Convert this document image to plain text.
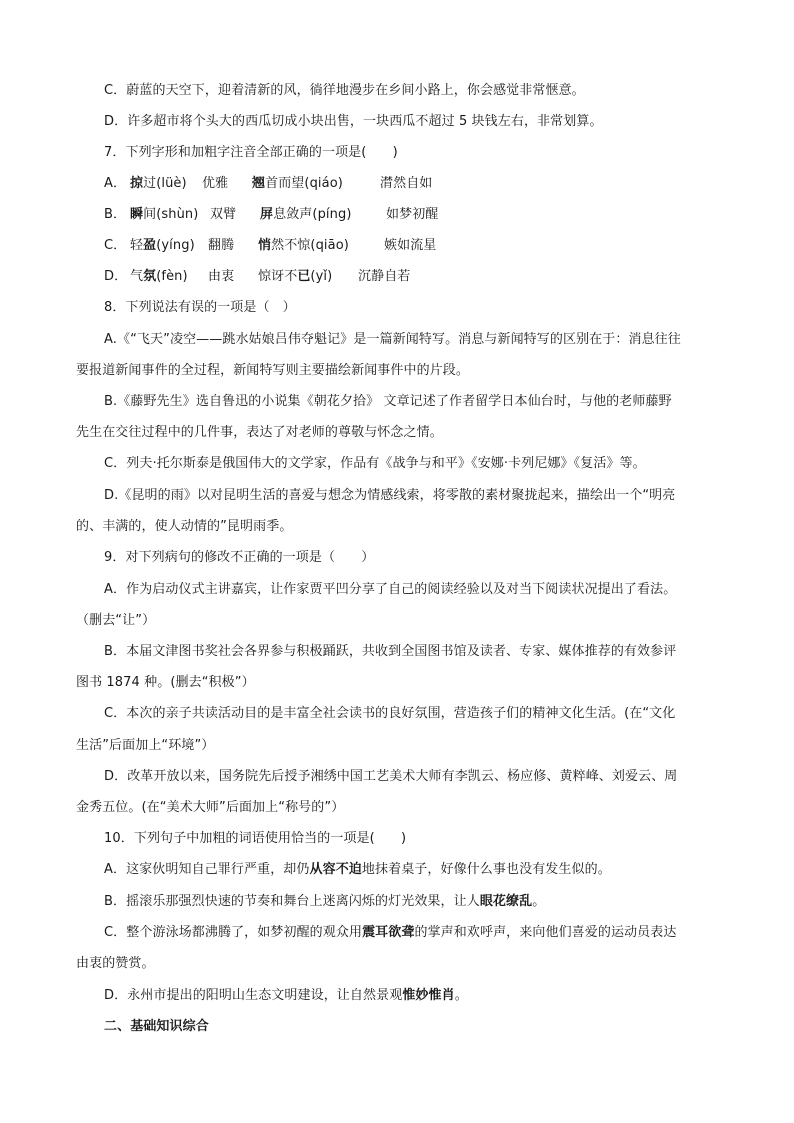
C．蔚蓝的天空下，迎着清新的风，徜徉地漫步在乡间小路上，你会感觉非常惬意。
D．许多超市将个头大的西瓜切成小块出售，一块西瓜不超过 5 块钱左右，非常划算。
7．下列字形和加粗字注音全部正确的一项是(　　)
A． 掠过(lüè) 优雅 翘首而望(qiáo)	潸然自如
B． 瞬间(shùn) 双臂 屏息敛声(píng)	如梦初醒
C． 轻盈(yíng) 翻腾 悄然不惊(qiāo)	嫉如流星
D． 气氛(fèn) 由衷 惊讶不已(yǐ) 沉静自若
8．下列说法有误的一项是（　）
A.《“飞天”凌空——跳水姑娘吕伟夺魁记》是一篇新闻特写。消息与新闻特写的区别在于：消息往往
要报道新闻事件的全过程，新闻特写则主要描绘新闻事件中的片段。
B.《藤野先生》选自鲁迅的小说集《朝花夕拾》 文章记述了作者留学日本仙台时，与他的老师藤野
先生在交往过程中的几件事，表达了对老师的尊敬与怀念之情。
C．列夫·托尔斯泰是俄国伟大的文学家，作品有《战争与和平》《安娜·卡列尼娜》《复活》等。
D.《昆明的雨》以对昆明生活的喜爱与想念为情感线索，将零散的素材聚拢起来，描绘出一个“明亮
的、丰满的，使人动情的”昆明雨季。
9．对下列病句的修改不正确的一项是（　　）
A．作为启动仪式主讲嘉宾，让作家贾平凹分享了自己的阅读经验以及对当下阅读状况提出了看法。
（删去“让”）
B．本届文津图书奖社会各界参与积极踊跃，共收到全国图书馆及读者、专家、媒体推荐的有效参评
图书 1874 种。(删去“积极”）
C．本次的亲子共读活动目的是丰富全社会读书的良好氛围，营造孩子们的精神文化生活。(在“文化
生活”后面加上“环境”）
D．改革开放以来，国务院先后授予湘绣中国工艺美术大师有李凯云、杨应修、黄粹峰、刘爱云、周
金秀五位。(在“美术大师”后面加上“称号的”）
10．下列句子中加粗的词语使用恰当的一项是(　　)
A．这家伙明知自己罪行严重，却仍从容不迫地抹着桌子，好像什么事也没有发生似的。
B．摇滚乐那强烈快速的节奏和舞台上迷离闪烁的灯光效果，让人眼花缭乱。
C．整个游泳场都沸腾了，如梦初醒的观众用震耳欲聋的掌声和欢呼声，来向他们喜爱的运动员表达
由衷的赞赏。
D．永州市提出的阳明山生态文明建设，让自然景观惟妙惟肖。
二、基础知识综合
